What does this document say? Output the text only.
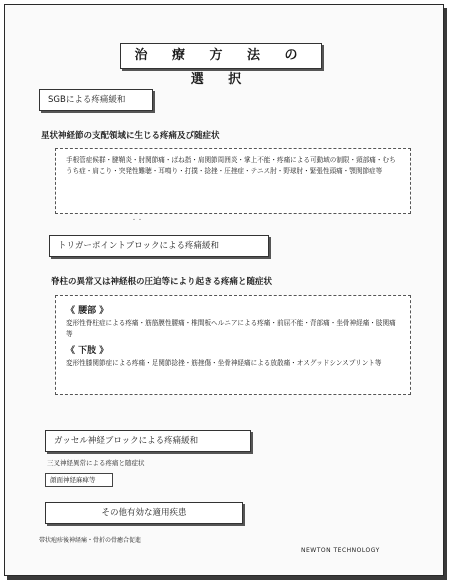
治 療 方 法 の 選 択
SGBによる疼痛緩和
星状神経節の支配領域に生じる疼痛及び随症状
手根管症候群・腱鞘炎・肘関節痛・ばね指・肩関節周囲炎・掌上不能・疼痛による可動域の制限・頸部痛・むちうち症・肩こり・突発性難聴・耳鳴り・打撲・捻挫・圧挫症・テニス肘・野球肘・緊張性頭痛・顎関節症等
・・
トリガーポイントブロックによる疼痛緩和
脊柱の異常又は神経根の圧迫等により起きる疼痛と随症状
《 腰部 》
変形性脊柱症による疼痛・筋筋膜性腰痛・椎間板ヘルニアによる疼痛・前屈不能・背部痛・坐骨神経痛・肢関痛等
《 下肢 》
変形性膝関節症による疼痛・足関節捻挫・筋挫傷・坐骨神経痛による放散痛・オスグッドシンスプリント等
ガッセル神経ブロックによる疼痛緩和
三叉神経異常による疼痛と随症状
顔面神経麻痺等
その他有効な適用疾患
帯状疱疹後神経痛・骨折の骨癒合促進
NEWTON TECHNOLOGY
